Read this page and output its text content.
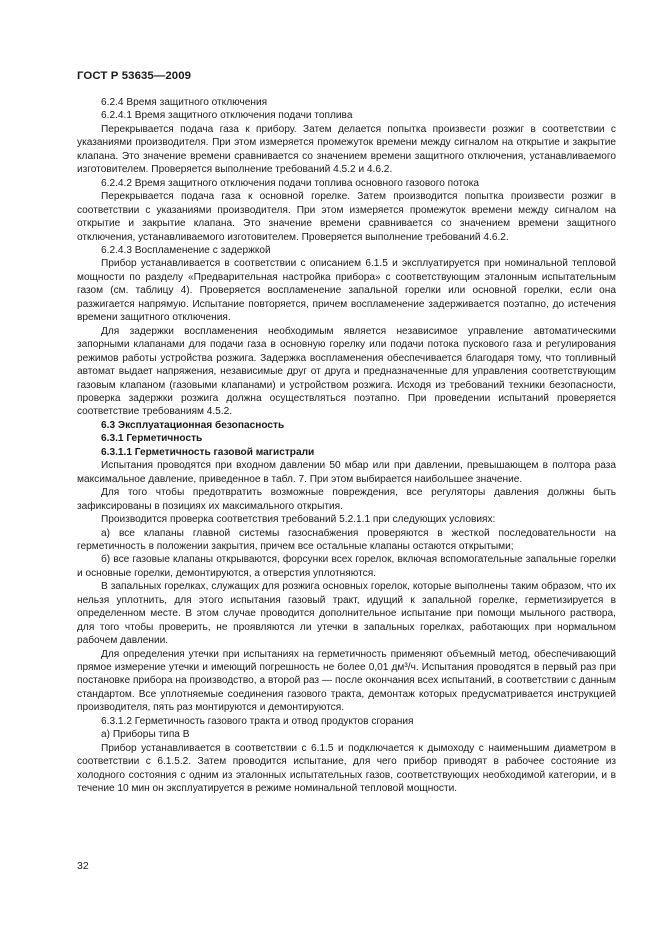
ГОСТ Р 53635—2009

6.2.4 Время защитного отключения

6.2.4.1 Время защитного отключения подачи топлива

Перекрывается подача газа к прибору. Затем делается попытка произвести розжиг в соответствии с указаниями производителя. При этом измеряется промежуток времени между сигналом на открытие и закрытие клапана. Это значение времени сравнивается со значением времени защитного отключения, устанавливаемого изготовителем. Проверяется выполнение требований 4.5.2 и 4.6.2.

6.2.4.2 Время защитного отключения подачи топлива основного газового потока

Перекрывается подача газа к основной горелке. Затем производится попытка произвести розжиг в соответствии с указаниями производителя. При этом измеряется промежуток времени между сигналом на открытие и закрытие клапана. Это значение времени сравнивается со значением времени защитного отключения, устанавливаемого изготовителем. Проверяется выполнение требований 4.6.2.

6.2.4.3 Воспламенение с задержкой

Прибор устанавливается в соответствии с описанием 6.1.5 и эксплуатируется при номинальной тепловой мощности по разделу «Предварительная настройка прибора» с соответствующим эталонным испытательным газом (см. таблицу 4). Проверяется воспламенение запальной горелки или основной горелки, если она разжигается напрямую. Испытание повторяется, причем воспламенение задерживается поэтапно, до истечения времени защитного отключения.

Для задержки воспламенения необходимым является независимое управление автоматическими запорными клапанами для подачи газа в основную горелку или подачи потока пускового газа и регулирования режимов работы устройства розжига. Задержка воспламенения обеспечивается благодаря тому, что топливный автомат выдает напряжения, независимые друг от друга и предназначенные для управления соответствующим газовым клапаном (газовыми клапанами) и устройством розжига. Исходя из требований техники безопасности, проверка задержки розжига должна осуществляться поэтапно. При проведении испытаний проверяется соответствие требованиям 4.5.2.

6.3 Эксплуатационная безопасность

6.3.1 Герметичность

6.3.1.1 Герметичность газовой магистрали

Испытания проводятся при входном давлении 50 мбар или при давлении, превышающем в полтора раза максимальное давление, приведенное в табл. 7. При этом выбирается наибольшее значение.

Для того чтобы предотвратить возможные повреждения, все регуляторы давления должны быть зафиксированы в позициях их максимального открытия.

Производится проверка соответствия требований 5.2.1.1 при следующих условиях:

а) все клапаны главной системы газоснабжения проверяются в жесткой последовательности на герметичность в положении закрытия, причем все остальные клапаны остаются открытыми;

б) все газовые клапаны открываются, форсунки всех горелок, включая вспомогательные запальные горелки и основные горелки, демонтируются, а отверстия уплотняются.

В запальных горелках, служащих для розжига основных горелок, которые выполнены таким образом, что их нельзя уплотнить, для этого испытания газовый тракт, идущий к запальной горелке, герметизируется в определенном месте. В этом случае проводится дополнительное испытание при помощи мыльного раствора, для того чтобы проверить, не проявляются ли утечки в запальных горелках, работающих при нормальном рабочем давлении.

Для определения утечки при испытаниях на герметичность применяют объемный метод, обеспечивающий прямое измерение утечки и имеющий погрешность не более 0,01 дм³/ч. Испытания проводятся в первый раз при постановке прибора на производство, а второй раз — после окончания всех испытаний, в соответствии с данным стандартом. Все уплотняемые соединения газового тракта, демонтаж которых предусматривается инструкцией производителя, пять раз монтируются и демонтируются.

6.3.1.2 Герметичность газового тракта и отвод продуктов сгорания

а) Приборы типа В

Прибор устанавливается в соответствии с 6.1.5 и подключается к дымоходу с наименьшим диаметром в соответствии с 6.1.5.2. Затем проводится испытание, для чего прибор приводят в рабочее состояние из холодного состояния с одним из эталонных испытательных газов, соответствующих необходимой категории, и в течение 10 мин он эксплуатируется в режиме номинальной тепловой мощности.

32
